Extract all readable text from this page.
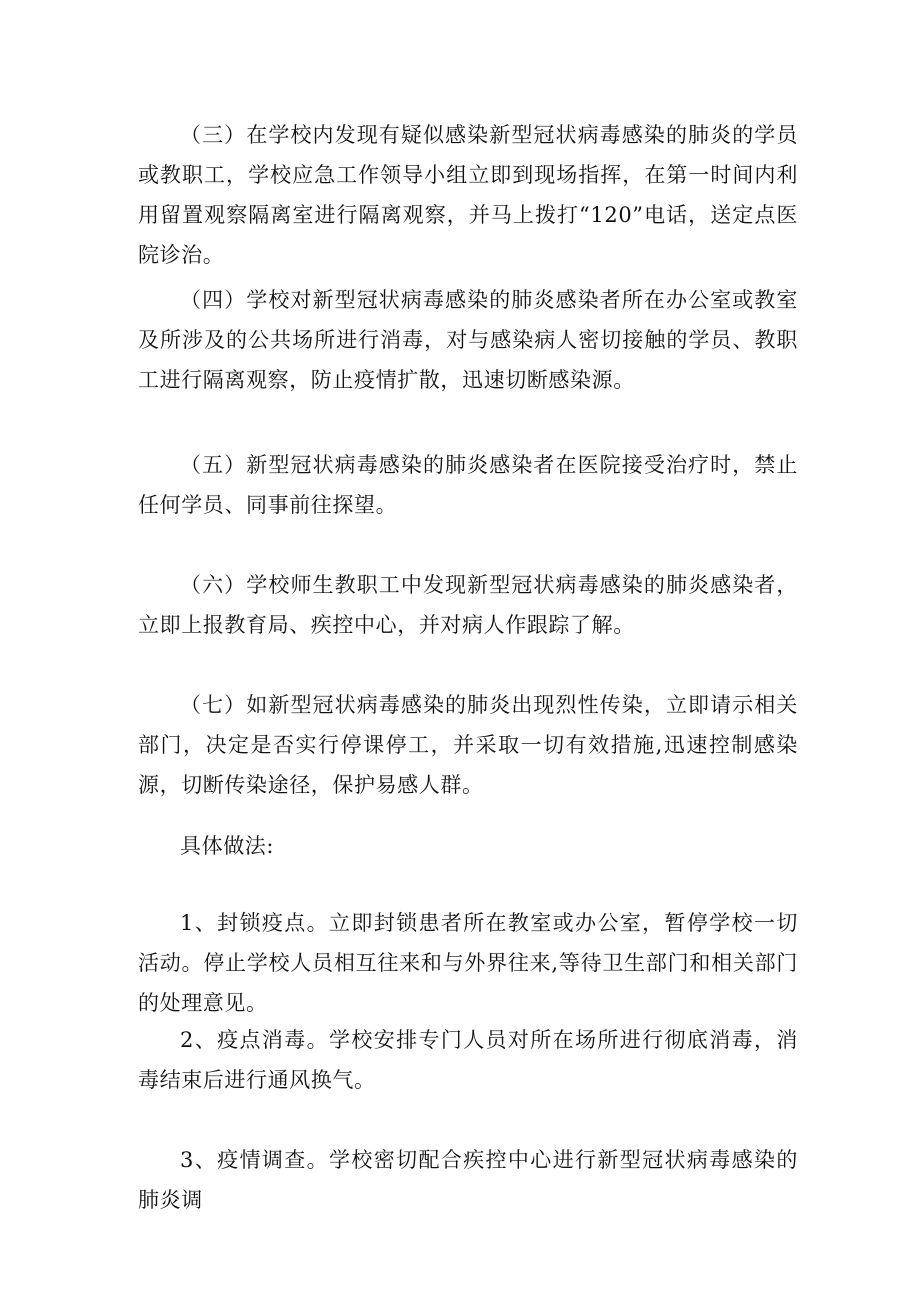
（三）在学校内发现有疑似感染新型冠状病毒感染的肺炎的学员或教职工，学校应急工作领导小组立即到现场指挥，在第一时间内利用留置观察隔离室进行隔离观察，并马上拨打“120”电话，送定点医院诊治。

（四）学校对新型冠状病毒感染的肺炎感染者所在办公室或教室及所涉及的公共场所进行消毒，对与感染病人密切接触的学员、教职工进行隔离观察，防止疫情扩散，迅速切断感染源。

（五）新型冠状病毒感染的肺炎感染者在医院接受治疗时，禁止任何学员、同事前往探望。

（六）学校师生教职工中发现新型冠状病毒感染的肺炎感染者，立即上报教育局、疾控中心，并对病人作跟踪了解。

（七）如新型冠状病毒感染的肺炎出现烈性传染，立即请示相关部门，决定是否实行停课停工，并采取一切有效措施,迅速控制感染源，切断传染途径，保护易感人群。

具体做法:

1、封锁疫点。立即封锁患者所在教室或办公室，暂停学校一切活动。停止学校人员相互往来和与外界往来,等待卫生部门和相关部门的处理意见。

2、疫点消毒。学校安排专门人员对所在场所进行彻底消毒，消毒结束后进行通风换气。

3、疫情调查。学校密切配合疾控中心进行新型冠状病毒感染的肺炎调
